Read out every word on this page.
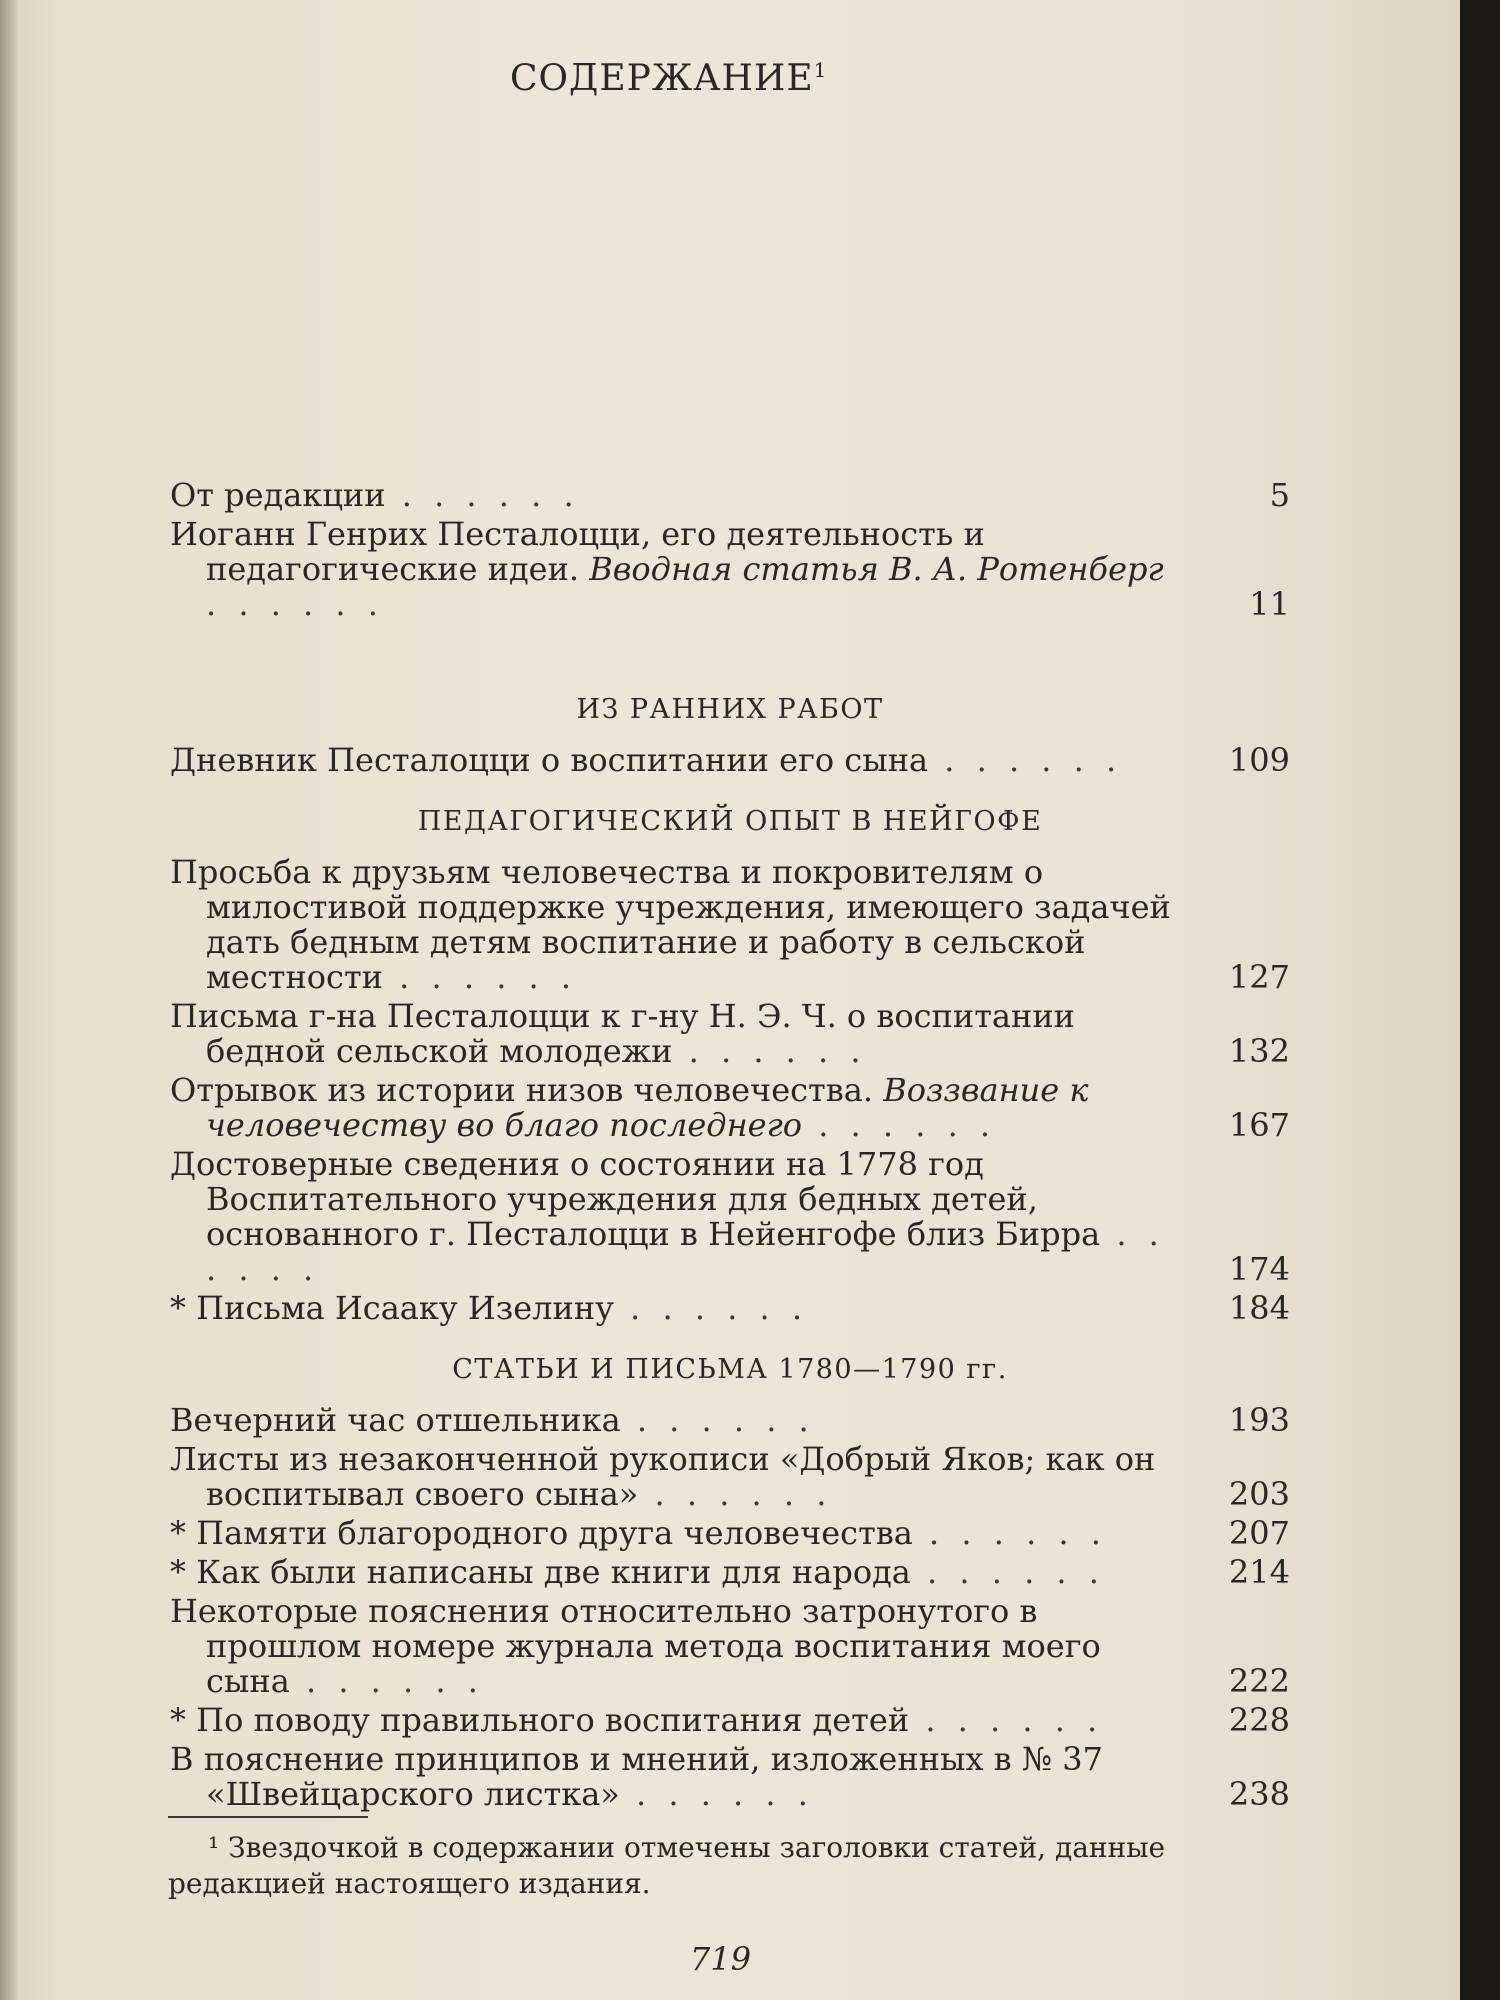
СОДЕРЖАНИЕ$^1$
От редакции . . . . . .	5
Иоганн Генрих Песталоцци, его деятельность и педагогические идеи. Вводная статья В. А. Ротенберг . . . . . .	11
ИЗ РАННИХ РАБОТ
Дневник Песталоцци о воспитании его сына . . . . . .	109
ПЕДАГОГИЧЕСКИЙ ОПЫТ В НЕЙГОФЕ
Просьба к друзьям человечества и покровителям о милостивой поддержке учреждения, имеющего задачей дать бедным детям воспитание и работу в сельской местности . . . . . .	127
Письма г-на Песталоцци к г-ну Н. Э. Ч. о воспитании бедной сельской молодежи . . . . . .	132
Отрывок из истории низов человечества. Воззвание к человечеству во благо последнего . . . . . .	167
Достоверные сведения о состоянии на 1778 год Воспитательного учреждения для бедных детей, основанного г. Песталоцци в Нейенгофе близ Бирра . . . . . .	174
* Письма Исааку Изелину . . . . . .	184
СТАТЬИ И ПИСЬМА 1780—1790 гг.
Вечерний час отшельника . . . . . .	193
Листы из незаконченной рукописи «Добрый Яков; как он воспитывал своего сына» . . . . . .	203
* Памяти благородного друга человечества . . . . . .	207
* Как были написаны две книги для народа . . . . . .	214
Некоторые пояснения относительно затронутого в прошлом номере журнала метода воспитания моего сына . . . . . .	222
* По поводу правильного воспитания детей . . . . . .	228
В пояснение принципов и мнений, изложенных в № 37 «Швейцарского листка» . . . . . .	238
¹ Звездочкой в содержании отмечены заголовки статей, данные редакцией настоящего издания.
719
